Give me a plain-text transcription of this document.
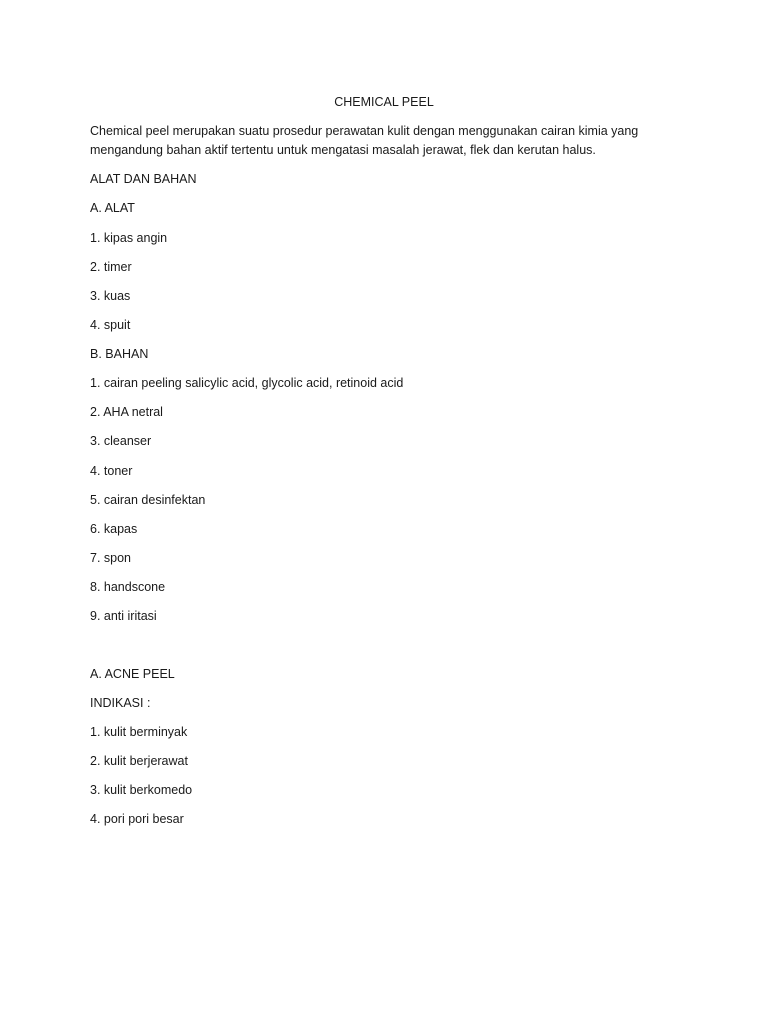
CHEMICAL PEEL
Chemical peel merupakan suatu prosedur perawatan kulit dengan menggunakan cairan kimia yang
mengandung bahan aktif tertentu untuk mengatasi masalah jerawat, flek dan kerutan halus.
ALAT DAN BAHAN
A. ALAT
1. kipas angin
2. timer
3. kuas
4. spuit
B. BAHAN
1. cairan peeling salicylic acid, glycolic acid, retinoid acid
2. AHA netral
3. cleanser
4. toner
5. cairan desinfektan
6. kapas
7. spon
8. handscone
9. anti iritasi
A. ACNE PEEL
INDIKASI :
1. kulit berminyak
2. kulit berjerawat
3. kulit berkomedo
4. pori pori besar
